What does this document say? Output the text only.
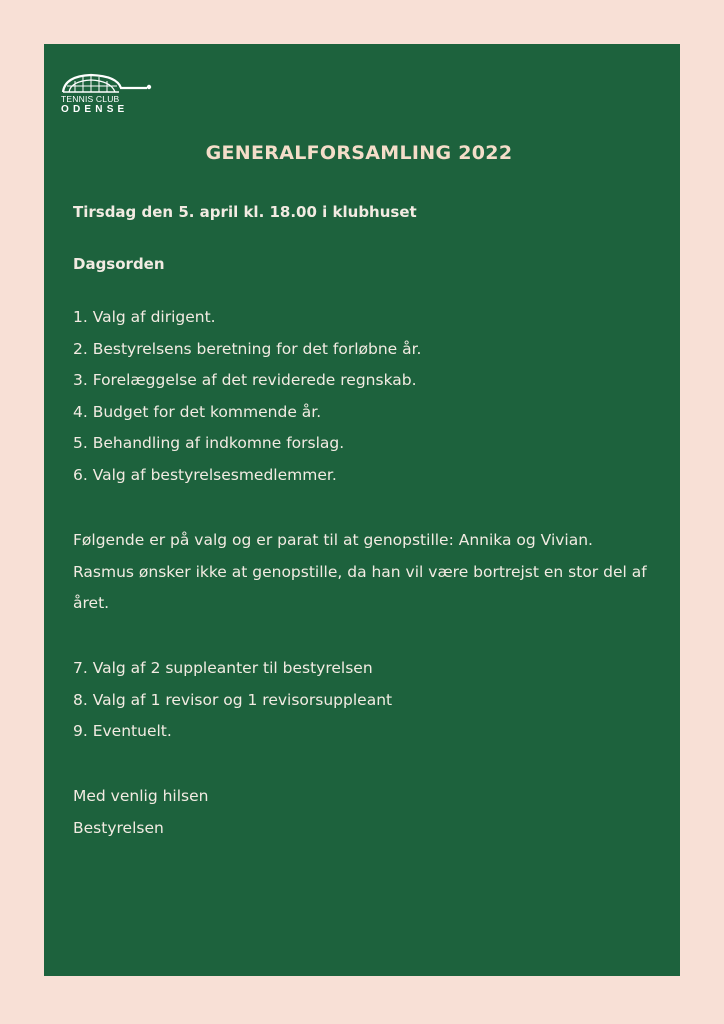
TENNIS CLUB
ODENSE
GENERALFORSAMLING 2022
Tirsdag den 5. april kl. 18.00 i klubhuset
Dagsorden
1. Valg af dirigent.
2. Bestyrelsens beretning for det forløbne år.
3. Forelæggelse af det reviderede regnskab.
4. Budget for det kommende år.
5. Behandling af indkomne forslag.
6. Valg af bestyrelsesmedlemmer.

Følgende er på valg og er parat til at genopstille: Annika og Vivian. Rasmus ønsker ikke at genopstille, da han vil være bortrejst en stor del af året.

7. Valg af 2 suppleanter til bestyrelsen
8. Valg af 1 revisor og 1 revisorsuppleant
9. Eventuelt.
Med venlig hilsen
Bestyrelsen
